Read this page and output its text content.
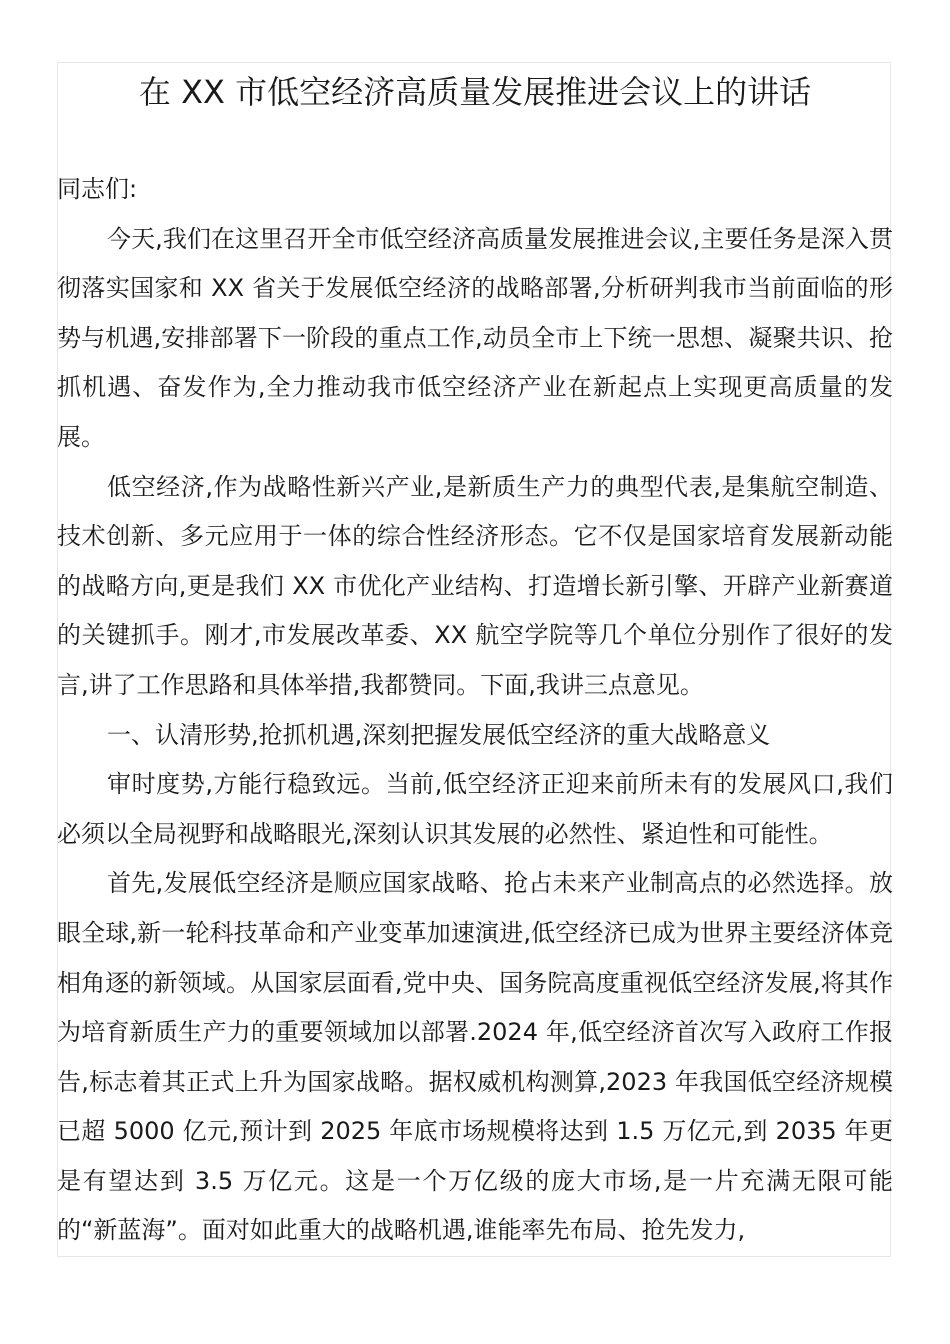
在 XX 市低空经济高质量发展推进会议上的讲话

同志们:

今天,我们在这里召开全市低空经济高质量发展推进会议,主要任务是深入贯彻落实国家和 XX 省关于发展低空经济的战略部署,分析研判我市当前面临的形势与机遇,安排部署下一阶段的重点工作,动员全市上下统一思想、凝聚共识、抢抓机遇、奋发作为,全力推动我市低空经济产业在新起点上实现更高质量的发展。

低空经济,作为战略性新兴产业,是新质生产力的典型代表,是集航空制造、技术创新、多元应用于一体的综合性经济形态。它不仅是国家培育发展新动能的战略方向,更是我们 XX 市优化产业结构、打造增长新引擎、开辟产业新赛道的关键抓手。刚才,市发展改革委、XX 航空学院等几个单位分别作了很好的发言,讲了工作思路和具体举措,我都赞同。下面,我讲三点意见。

一、认清形势,抢抓机遇,深刻把握发展低空经济的重大战略意义

审时度势,方能行稳致远。当前,低空经济正迎来前所未有的发展风口,我们必须以全局视野和战略眼光,深刻认识其发展的必然性、紧迫性和可能性。

首先,发展低空经济是顺应国家战略、抢占未来产业制高点的必然选择。放眼全球,新一轮科技革命和产业变革加速演进,低空经济已成为世界主要经济体竞相角逐的新领域。从国家层面看,党中央、国务院高度重视低空经济发展,将其作为培育新质生产力的重要领域加以部署.2024 年,低空经济首次写入政府工作报告,标志着其正式上升为国家战略。据权威机构测算,2023 年我国低空经济规模已超 5000 亿元,预计到 2025 年底市场规模将达到 1.5 万亿元,到 2035 年更是有望达到 3.5 万亿元。这是一个万亿级的庞大市场,是一片充满无限可能的“新蓝海”。面对如此重大的战略机遇,谁能率先布局、抢先发力,
